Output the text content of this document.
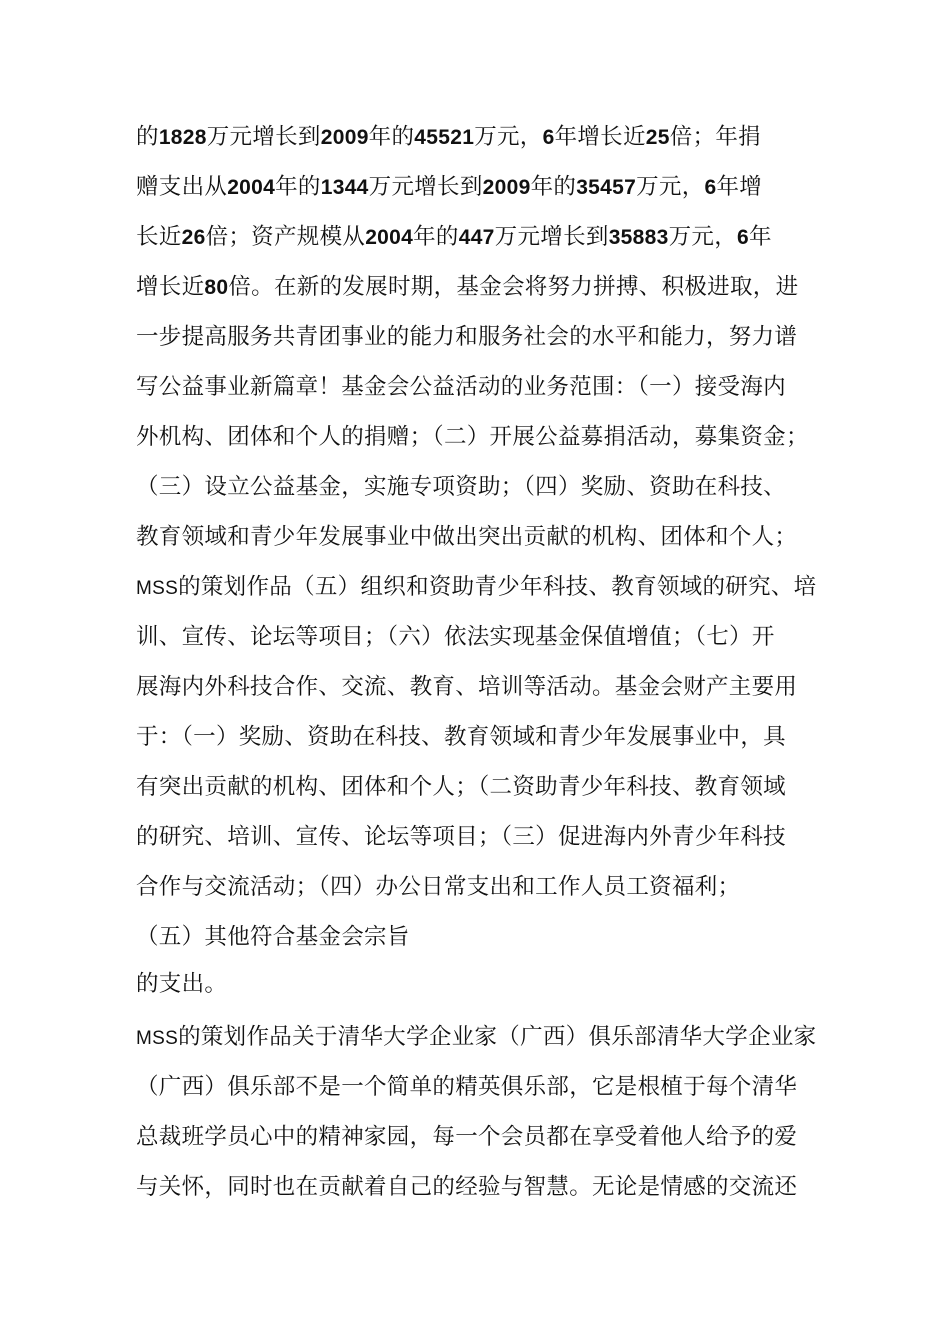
的1828万元增长到2009年的45521万元，6年增长近25倍；年捐
赠支出从2004年的1344万元增长到2009年的35457万元，6年增
长近26倍；资产规模从2004年的447万元增长到35883万元，6年
增长近80倍。在新的发展时期，基金会将努力拼搏、积极进取，进
一步提高服务共青团事业的能力和服务社会的水平和能力，努力谱
写公益事业新篇章！基金会公益活动的业务范围：（一）接受海内
外机构、团体和个人的捐赠；（二）开展公益募捐活动，募集资金；
（三）设立公益基金，实施专项资助；（四）奖励、资助在科技、
教育领域和青少年发展事业中做出突出贡献的机构、团体和个人；
MSS的策划作品（五）组织和资助青少年科技、教育领域的研究、培
训、宣传、论坛等项目；（六）依法实现基金保值增值；（七）开
展海内外科技合作、交流、教育、培训等活动。基金会财产主要用
于：（一）奖励、资助在科技、教育领域和青少年发展事业中，具
有突出贡献的机构、团体和个人；（二资助青少年科技、教育领域
的研究、培训、宣传、论坛等项目；（三）促进海内外青少年科技
合作与交流活动；（四）办公日常支出和工作人员工资福利；
（五）其他符合基金会宗旨
的支出。
MSS的策划作品关于清华大学企业家（广西）俱乐部清华大学企业家
（广西）俱乐部不是一个简单的精英俱乐部，它是根植于每个清华
总裁班学员心中的精神家园，每一个会员都在享受着他人给予的爱
与关怀，同时也在贡献着自己的经验与智慧。无论是情感的交流还
